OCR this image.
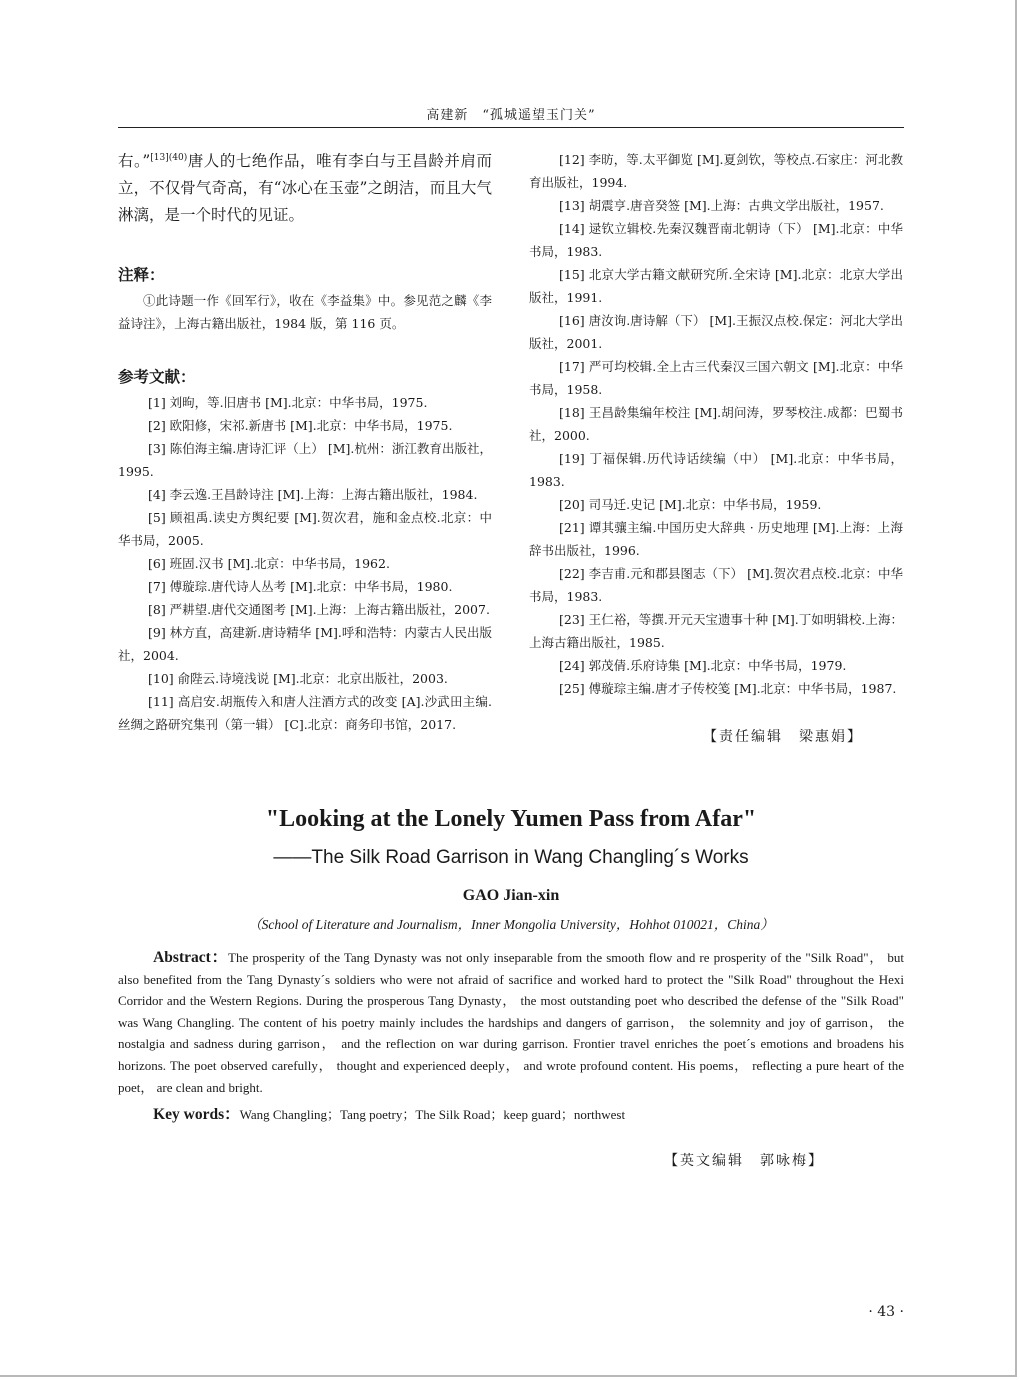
高建新　“孤城遥望玉门关”

右。”$^{[13](40)}$唐人的七绝作品，唯有李白与王昌龄并肩而立，不仅骨气奇高，有“冰心在玉壶”之朗洁，而且大气淋漓，是一个时代的见证。

注释：

①此诗题一作《回军行》，收在《李益集》中。参见范之麟《李益诗注》，上海古籍出版社，1984 版，第 116 页。

参考文献：

[1] 刘昫，等.旧唐书 [M].北京：中华书局，1975.

[2] 欧阳修，宋祁.新唐书 [M].北京：中华书局，1975.

[3] 陈伯海主编.唐诗汇评（上） [M].杭州：浙江教育出版社，1995.

[4] 李云逸.王昌龄诗注 [M].上海：上海古籍出版社，1984.

[5] 顾祖禹.读史方舆纪要 [M].贺次君，施和金点校.北京：中华书局，2005.

[6] 班固.汉书 [M].北京：中华书局，1962.

[7] 傅璇琮.唐代诗人丛考 [M].北京：中华书局，1980.

[8] 严耕望.唐代交通图考 [M].上海：上海古籍出版社，2007.

[9] 林方直，高建新.唐诗精华 [M].呼和浩特：内蒙古人民出版社，2004.

[10] 俞陛云.诗境浅说 [M].北京：北京出版社，2003.

[11] 高启安.胡瓶传入和唐人注酒方式的改变 [A].沙武田主编.丝绸之路研究集刊（第一辑） [C].北京：商务印书馆，2017.

[12] 李昉，等.太平御览 [M].夏剑钦，等校点.石家庄：河北教育出版社，1994.

[13] 胡震亨.唐音癸签 [M].上海：古典文学出版社，1957.

[14] 逯钦立辑校.先秦汉魏晋南北朝诗（下） [M].北京：中华书局，1983.

[15] 北京大学古籍文献研究所.全宋诗 [M].北京：北京大学出版社，1991.

[16] 唐汝询.唐诗解（下） [M].王振汉点校.保定：河北大学出版社，2001.

[17] 严可均校辑.全上古三代秦汉三国六朝文 [M].北京：中华书局，1958.

[18] 王昌龄集编年校注 [M].胡问涛，罗琴校注.成都：巴蜀书社，2000.

[19] 丁福保辑.历代诗话续编（中） [M].北京：中华书局，1983.

[20] 司马迁.史记 [M].北京：中华书局，1959.

[21] 谭其骧主编.中国历史大辞典 · 历史地理 [M].上海：上海辞书出版社，1996.

[22] 李吉甫.元和郡县图志（下） [M].贺次君点校.北京：中华书局，1983.

[23] 王仁裕，等撰.开元天宝遗事十种 [M].丁如明辑校.上海：上海古籍出版社，1985.

[24] 郭茂倩.乐府诗集 [M].北京：中华书局，1979.

[25] 傅璇琮主编.唐才子传校笺 [M].北京：中华书局，1987.

【责任编辑　梁惠娟】

"Looking at the Lonely Yumen Pass from Afar"

——The Silk Road Garrison in Wang Changling´s Works

GAO Jian-xin

（School of Literature and Journalism，Inner Mongolia University，Hohhot 010021，China）

Abstract：The prosperity of the Tang Dynasty was not only inseparable from the smooth flow and re prosperity of the "Silk Road"， but also benefited from the Tang Dynasty´s soldiers who were not afraid of sacrifice and worked hard to protect the "Silk Road" throughout the Hexi Corridor and the Western Regions. During the prosperous Tang Dynasty， the most outstanding poet who described the defense of the "Silk Road" was Wang Changling. The content of his poetry mainly includes the hardships and dangers of garrison， the solemnity and joy of garrison， the nostalgia and sadness during garrison， and the reflection on war during garrison. Frontier travel enriches the poet´s emotions and broadens his horizons. The poet observed carefully， thought and experienced deeply， and wrote profound content. His poems， reflecting a pure heart of the poet， are clean and bright.

Key words：Wang Changling；Tang poetry；The Silk Road；keep guard；northwest

【英文编辑　郭咏梅】
· 43 ·
